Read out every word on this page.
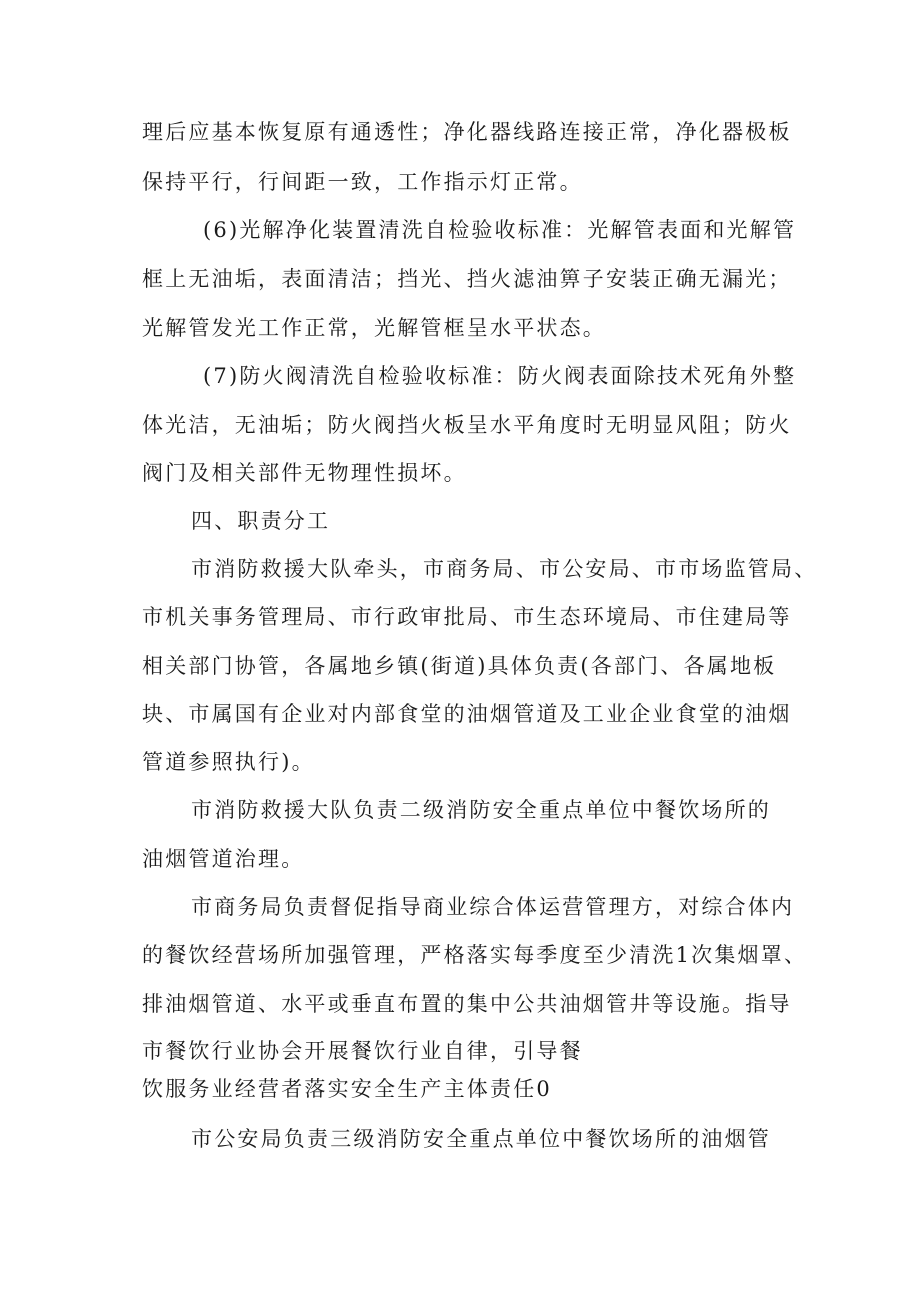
理后应基本恢复原有通透性；净化器线路连接正常，净化器极板
保持平行，行间距一致，工作指示灯正常。
(6)光解净化装置清洗自检验收标准：光解管表面和光解管
框上无油垢，表面清洁；挡光、挡火滤油箅子安装正确无漏光；
光解管发光工作正常，光解管框呈水平状态。
(7)防火阀清洗自检验收标准：防火阀表面除技术死角外整
体光洁，无油垢；防火阀挡火板呈水平角度时无明显风阻；防火
阀门及相关部件无物理性损坏。
四、职责分工
市消防救援大队牵头，市商务局、市公安局、市市场监管局、
市机关事务管理局、市行政审批局、市生态环境局、市住建局等
相关部门协管，各属地乡镇(街道)具体负责(各部门、各属地板
块、市属国有企业对内部食堂的油烟管道及工业企业食堂的油烟
管道参照执行)。
市消防救援大队负责二级消防安全重点单位中餐饮场所的
油烟管道治理。
市商务局负责督促指导商业综合体运营管理方，对综合体内
的餐饮经营场所加强管理，严格落实每季度至少清洗1次集烟罩、
排油烟管道、水平或垂直布置的集中公共油烟管井等设施。指导
市餐饮行业协会开展餐饮行业自律，引导餐
饮服务业经营者落实安全生产主体责任0
市公安局负责三级消防安全重点单位中餐饮场所的油烟管
